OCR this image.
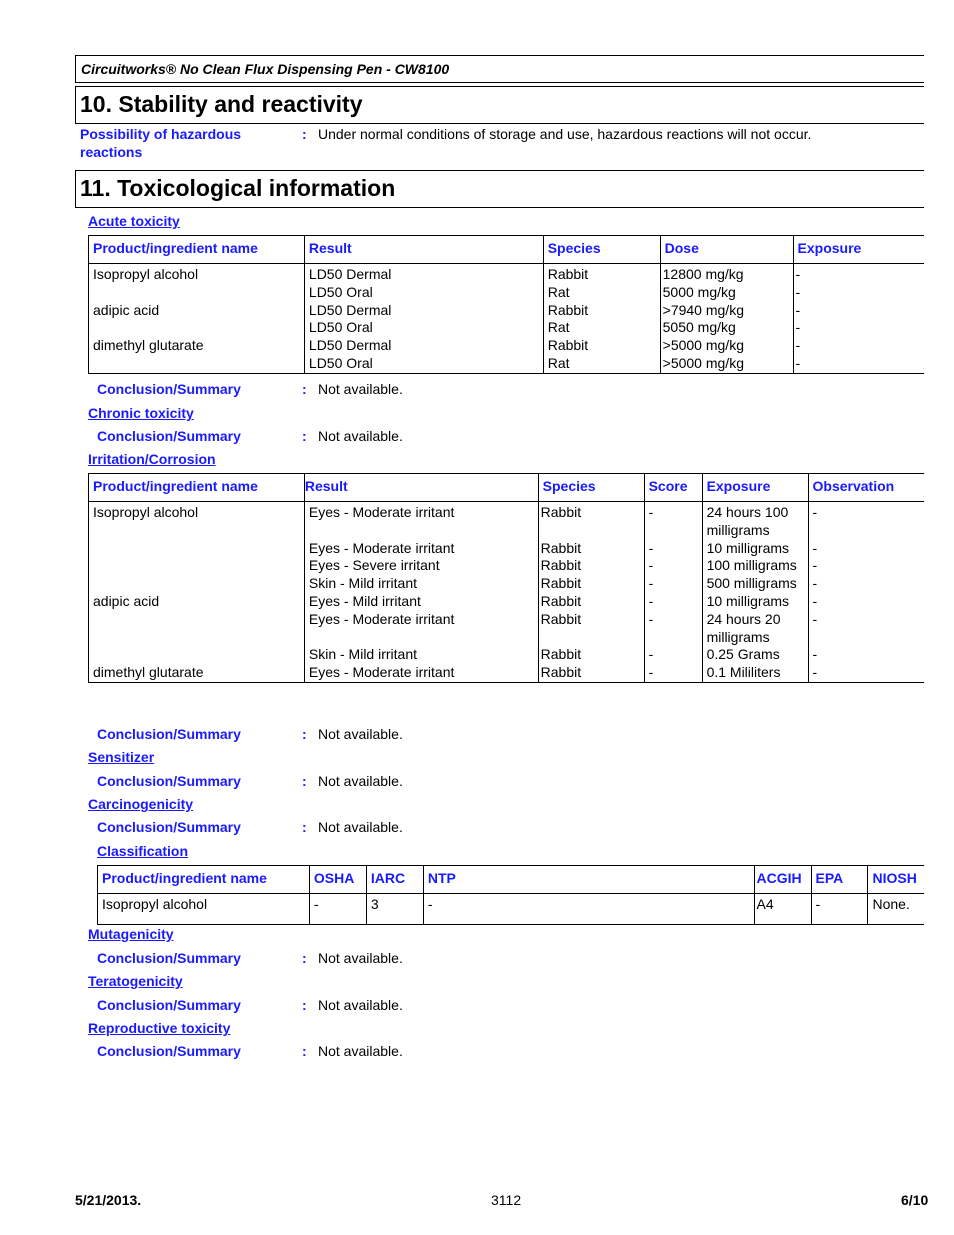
Circuitworks® No Clean Flux Dispensing Pen - CW8100
10. Stability and reactivity
Possibility of hazardous
reactions
: Under normal conditions of storage and use, hazardous reactions will not occur.
11. Toxicological information
Acute toxicity
Product/ingredient name	Result	Species	Dose	Exposure
Isopropyl alcohol	LD50 Dermal	Rabbit	12800 mg/kg	-
	LD50 Oral	Rat	5000 mg/kg	-
adipic acid	LD50 Dermal	Rabbit	>7940 mg/kg	-
	LD50 Oral	Rat	5050 mg/kg	-
dimethyl glutarate	LD50 Dermal	Rabbit	>5000 mg/kg	-
	LD50 Oral	Rat	>5000 mg/kg	-
Conclusion/Summary	: Not available.
Chronic toxicity
Conclusion/Summary	: Not available.
Irritation/Corrosion
Product/ingredient name	Result	Species	Score	Exposure	Observation
Isopropyl alcohol	Eyes - Moderate irritant	Rabbit	-	24 hours 100 milligrams	-
	Eyes - Moderate irritant	Rabbit	-	10 milligrams	-
	Eyes - Severe irritant	Rabbit	-	100 milligrams	-
	Skin - Mild irritant	Rabbit	-	500 milligrams	-
adipic acid	Eyes - Mild irritant	Rabbit	-	10 milligrams	-
	Eyes - Moderate irritant	Rabbit	-	24 hours 20 milligrams	-
	Skin - Mild irritant	Rabbit	-	0.25 Grams	-
dimethyl glutarate	Eyes - Moderate irritant	Rabbit	-	0.1 Mililiters	-
Conclusion/Summary	: Not available.
Sensitizer
Conclusion/Summary	: Not available.
Carcinogenicity
Conclusion/Summary	: Not available.
Classification
Product/ingredient name	OSHA	IARC	NTP	ACGIH	EPA	NIOSH
Isopropyl alcohol	-	3	-	A4	-	None.
Mutagenicity
Conclusion/Summary	: Not available.
Teratogenicity
Conclusion/Summary	: Not available.
Reproductive toxicity
Conclusion/Summary	: Not available.
5/21/2013.	3112	6/10
